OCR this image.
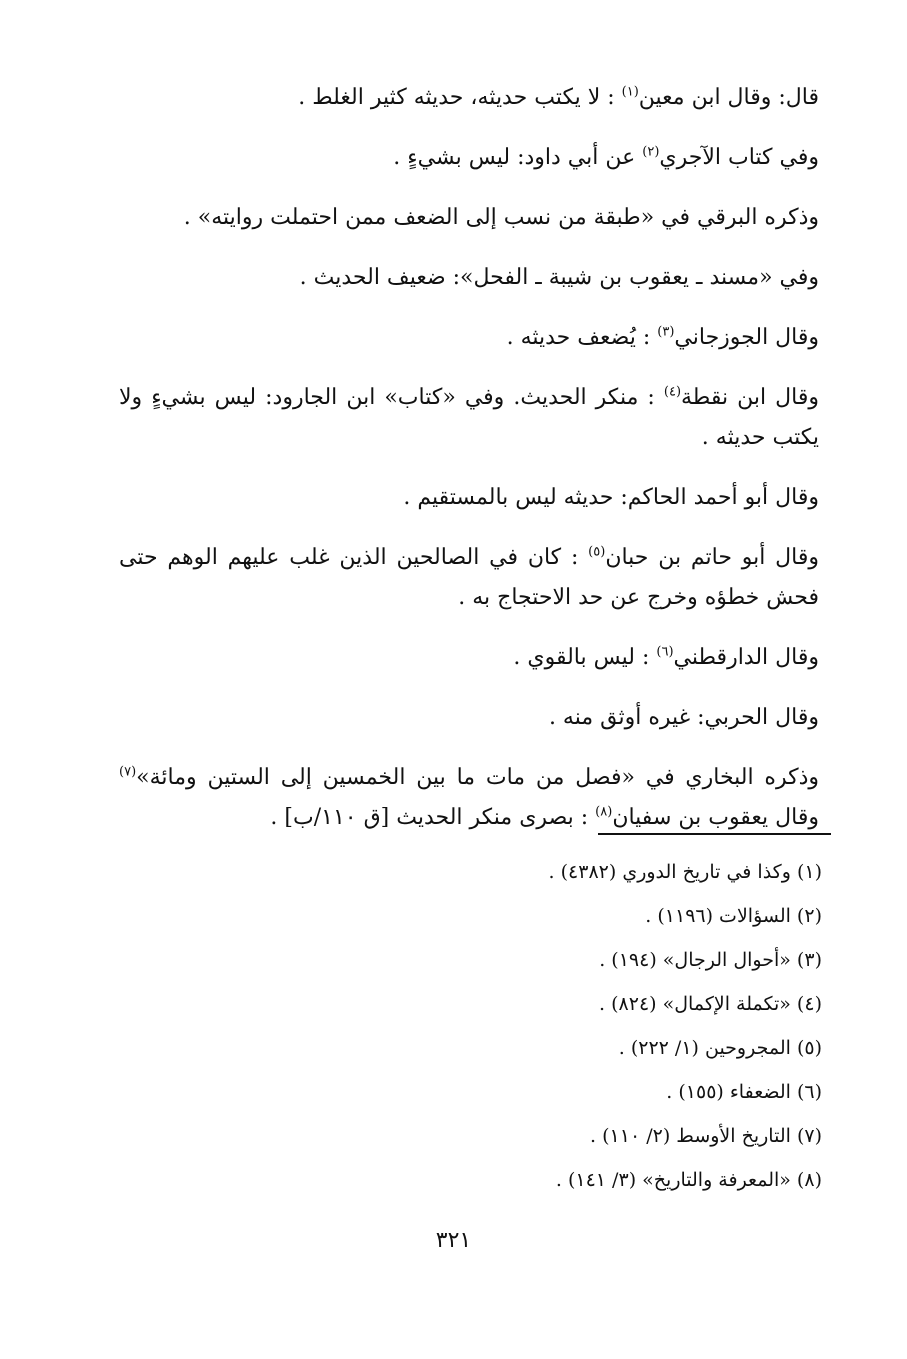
قال: وقال ابن معين$^{(١)}$ : لا يكتب حديثه، حديثه كثير الغلط .

وفي كتاب الآجري$^{(٢)}$ عن أبي داود: ليس بشيءٍ .

وذكره البرقي في «طبقة من نسب إلى الضعف ممن احتملت روايته» .

وفي «مسند ـ يعقوب بن شيبة ـ الفحل»: ضعيف الحديث .

وقال الجوزجاني$^{(٣)}$ : يُضعف حديثه .

وقال ابن نقطة$^{(٤)}$ : منكر الحديث. وفي «كتاب» ابن الجارود: ليس بشيءٍ ولا يكتب حديثه .

وقال أبو أحمد الحاكم: حديثه ليس بالمستقيم .

وقال أبو حاتم بن حبان$^{(٥)}$ : كان في الصالحين الذين غلب عليهم الوهم حتى فحش خطؤه وخرج عن حد الاحتجاج به .

وقال الدارقطني$^{(٦)}$ : ليس بالقوي .

وقال الحربي: غيره أوثق منه .

وذكره البخاري في «فصل من مات ما بين الخمسين إلى الستين ومائة»$^{(٧)}$ وقال يعقوب بن سفيان$^{(٨)}$ : بصرى منكر الحديث [ق ١١٠/ب] .

(١) وكذا في تاريخ الدوري (٤٣٨٢) .
(٢) السؤالات (١١٩٦) .
(٣) «أحوال الرجال» (١٩٤) .
(٤) «تكملة الإكمال» (٨٢٤) .
(٥) المجروحين (١/ ٢٢٢) .
(٦) الضعفاء (١٥٥) .
(٧) التاريخ الأوسط (٢/ ١١٠) .
(٨) «المعرفة والتاريخ» (٣/ ١٤١) .
٣٢١
